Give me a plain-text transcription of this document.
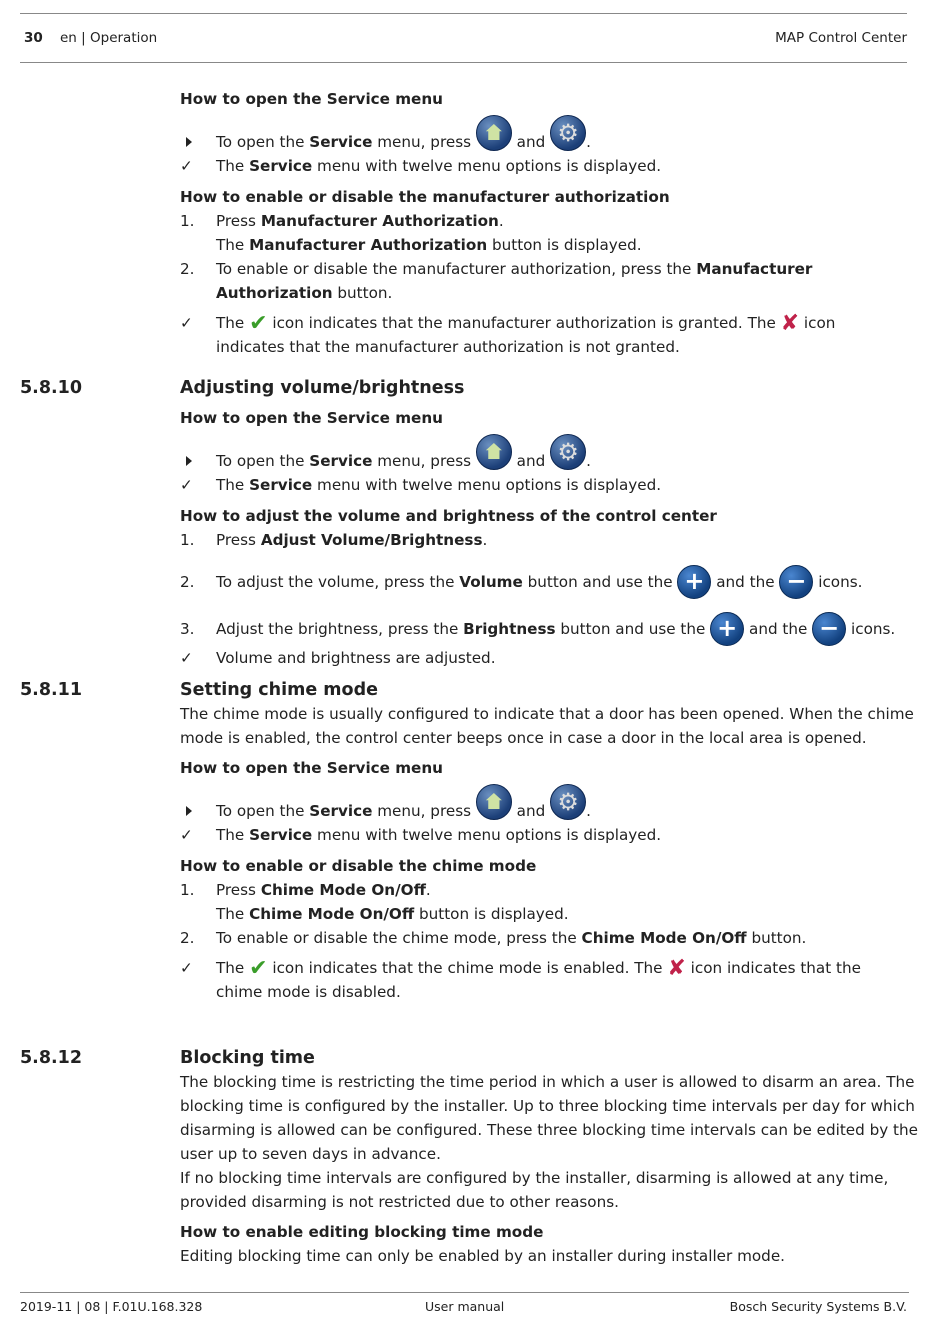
30 en | Operation	MAP Control Center

How to open the Service menu

To open the Service menu, press  and ⚙.
✓	The Service menu with twelve menu options is displayed.

How to enable or disable the manufacturer authorization

1.	Press Manufacturer Authorization.
The Manufacturer Authorization button is displayed.
2.	To enable or disable the manufacturer authorization, press the Manufacturer Authorization button.
✓	The ✔ icon indicates that the manufacturer authorization is granted. The ✘ icon
indicates that the manufacturer authorization is not granted.
5.8.10	Adjusting volume/brightness

How to open the Service menu

To open the Service menu, press  and ⚙.
✓	The Service menu with twelve menu options is displayed.

How to adjust the volume and brightness of the control center

1.	Press Adjust Volume/Brightness.
2.	To adjust the volume, press the Volume button and use the + and the − icons.
3.	Adjust the brightness, press the Brightness button and use the + and the − icons.
✓	Volume and brightness are adjusted.
5.8.11	Setting chime mode

The chime mode is usually configured to indicate that a door has been opened. When the chime mode is enabled, the control center beeps once in case a door in the local area is opened.

How to open the Service menu

To open the Service menu, press  and ⚙.
✓	The Service menu with twelve menu options is displayed.

How to enable or disable the chime mode

1.	Press Chime Mode On/Off.
The Chime Mode On/Off button is displayed.
2.	To enable or disable the chime mode, press the Chime Mode On/Off button.
✓	The ✔ icon indicates that the chime mode is enabled. The ✘ icon indicates that the
chime mode is disabled.
5.8.12	Blocking time

The blocking time is restricting the time period in which a user is allowed to disarm an area. The blocking time is configured by the installer. Up to three blocking time intervals per day for which disarming is allowed can be configured. These three blocking time intervals can be edited by the user up to seven days in advance.

If no blocking time intervals are configured by the installer, disarming is allowed at any time, provided disarming is not restricted due to other reasons.

How to enable editing blocking time mode

Editing blocking time can only be enabled by an installer during installer mode.

2019-11 | 08 | F.01U.168.328	User manual	Bosch Security Systems B.V.
